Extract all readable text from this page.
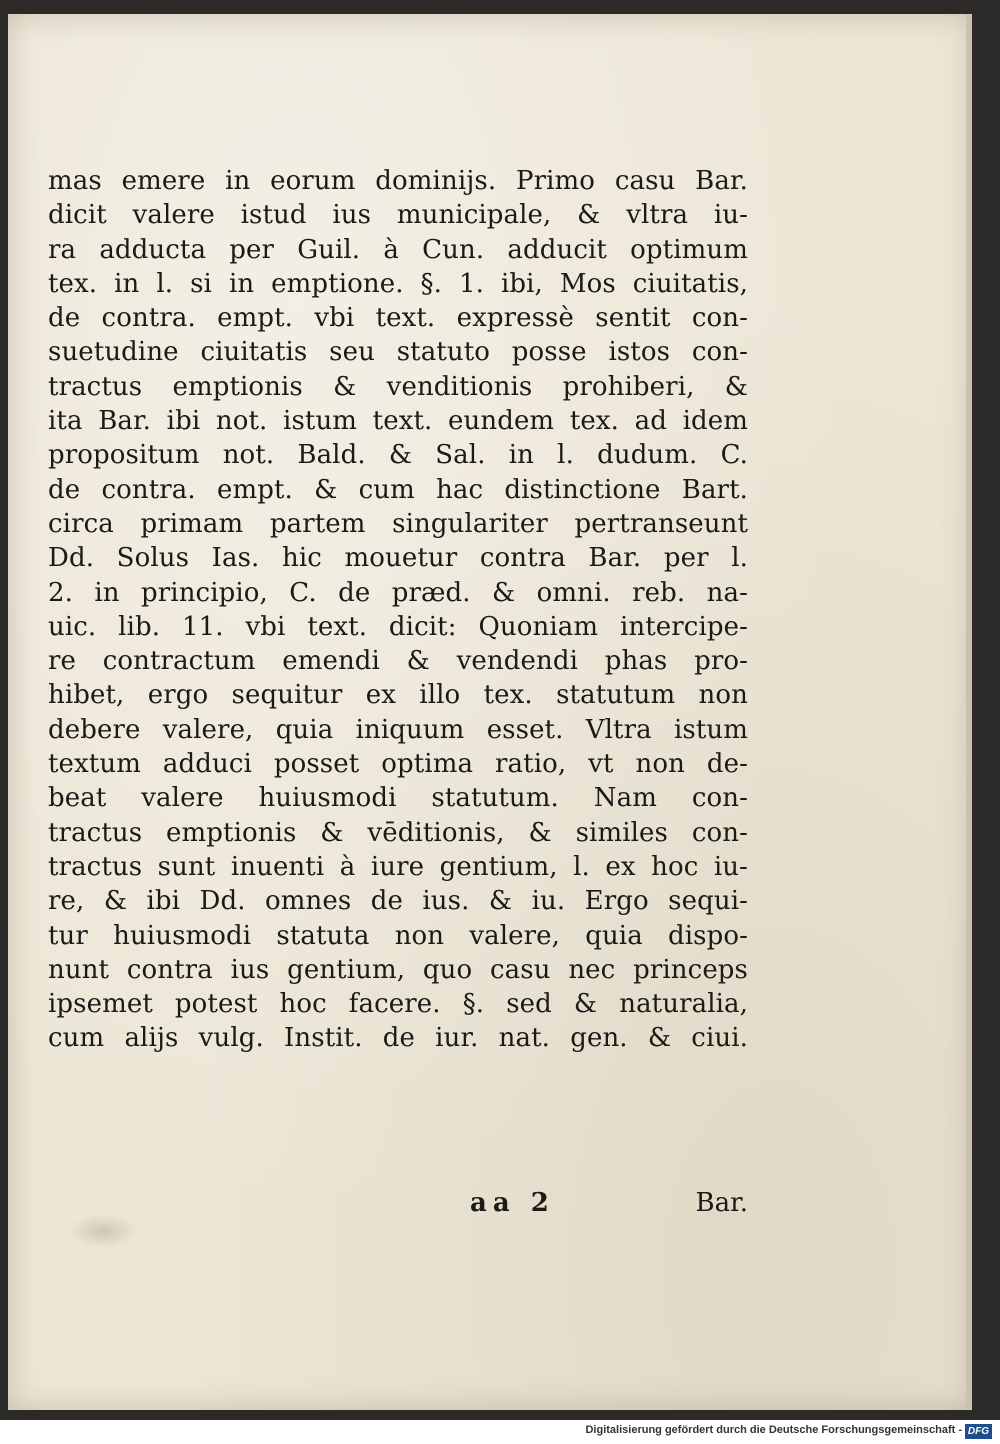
mas emere in eorum dominijs. Primo casu Bar.
dicit valere istud ius municipale, & vltra iu-
ra adducta per Guil. à Cun. adducit optimum
tex. in l. si in emptione. §. 1. ibi, Mos ciuitatis,
de contra. empt. vbi text. expressè sentit con-
suetudine ciuitatis seu statuto posse istos con-
tractus emptionis & venditionis prohiberi, &
ita Bar. ibi not. istum text. eundem tex. ad idem
propositum not. Bald. & Sal. in l. dudum. C.
de contra. empt. & cum hac distinctione Bart.
circa primam partem singulariter pertranseunt
Dd. Solus Ias. hic mouetur contra Bar. per l.
2. in principio, C. de præd. & omni. reb. na-
uic. lib. 11. vbi text. dicit: Quoniam intercipe-
re contractum emendi & vendendi phas pro-
hibet, ergo sequitur ex illo tex. statutum non
debere valere, quia iniquum esset. Vltra istum
textum adduci posset optima ratio, vt non de-
beat valere huiusmodi statutum. Nam con-
tractus emptionis & vēditionis, & similes con-
tractus sunt inuenti à iure gentium, l. ex hoc iu-
re, & ibi Dd. omnes de ius. & iu. Ergo sequi-
tur huiusmodi statuta non valere, quia dispo-
nunt contra ius gentium, quo casu nec princeps
ipsemet potest hoc facere. §. sed & naturalia,
cum alijs vulg. Instit. de iur. nat. gen. & ciui.
aa 2	Bar.
Digitalisierung gefördert durch die Deutsche Forschungsgemeinschaft - DFG
